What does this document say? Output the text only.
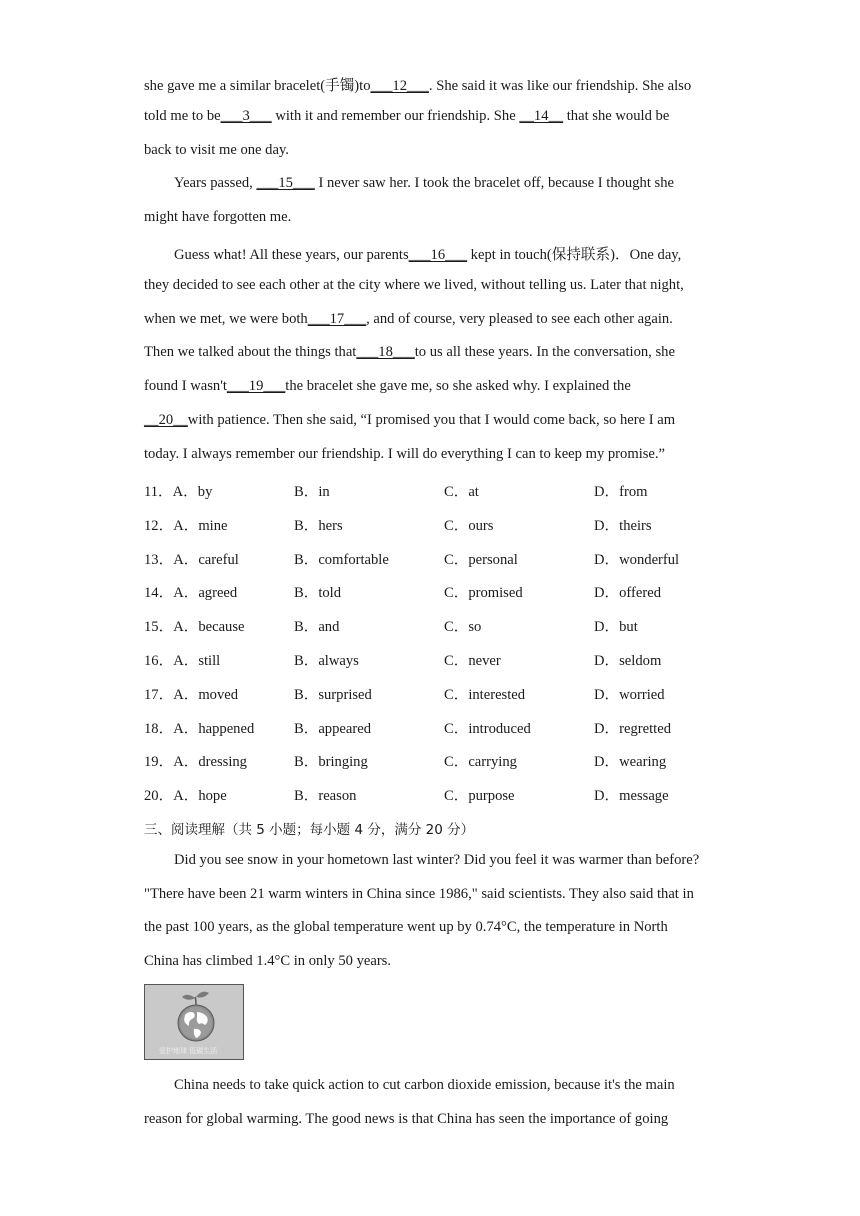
she gave me a similar bracelet(手镯)to___12___. She said it was like our friendship. She also
told me to be___3___ with it and remember our friendship. She __14__ that she would be
back to visit me one day.
Years passed, ___15___ I never saw her. I took the bracelet off, because I thought she
might have forgotten me.
Guess what! All these years, our parents___16___ kept in touch(保持联系)．One day,
they decided to see each other at the city where we lived, without telling us. Later that night,
when we met, we were both___17___, and of course, very pleased to see each other again.
Then we talked about the things that___18___to us all these years. In the conversation, she
found I wasn't___19___the bracelet she gave me, so she asked why. I explained the
__20__with patience. Then she said, “I promised you that I would come back, so here I am
today. I always remember our friendship. I will do everything I can to keep my promise.”
11．A．by	B．in	C．at	D．from
12．A．mine	B．hers	C．ours	D．theirs
13．A．careful	B．comfortable	C．personal	D．wonderful
14．A．agreed	B．told	C．promised	D．offered
15．A．because	B．and	C．so	D．but
16．A．still	B．always	C．never	D．seldom
17．A．moved	B．surprised	C．interested	D．worried
18．A．happened	B．appeared	C．introduced	D．regretted
19．A．dressing	B．bringing	C．carrying	D．wearing
20．A．hope	B．reason	C．purpose	D．message
三、阅读理解（共 5 小题；每小题 4 分，满分 20 分）
Did you see snow in your hometown last winter? Did you feel it was warmer than before?
"There have been 21 warm winters in China since 1986," said scientists. They also said that in
the past 100 years, as the global temperature went up by 0.74°C, the temperature in North
China has climbed 1.4°C in only 50 years.
爱护地球 低碳生活
China needs to take quick action to cut carbon dioxide emission, because it's the main
reason for global warming. The good news is that China has seen the importance of going
